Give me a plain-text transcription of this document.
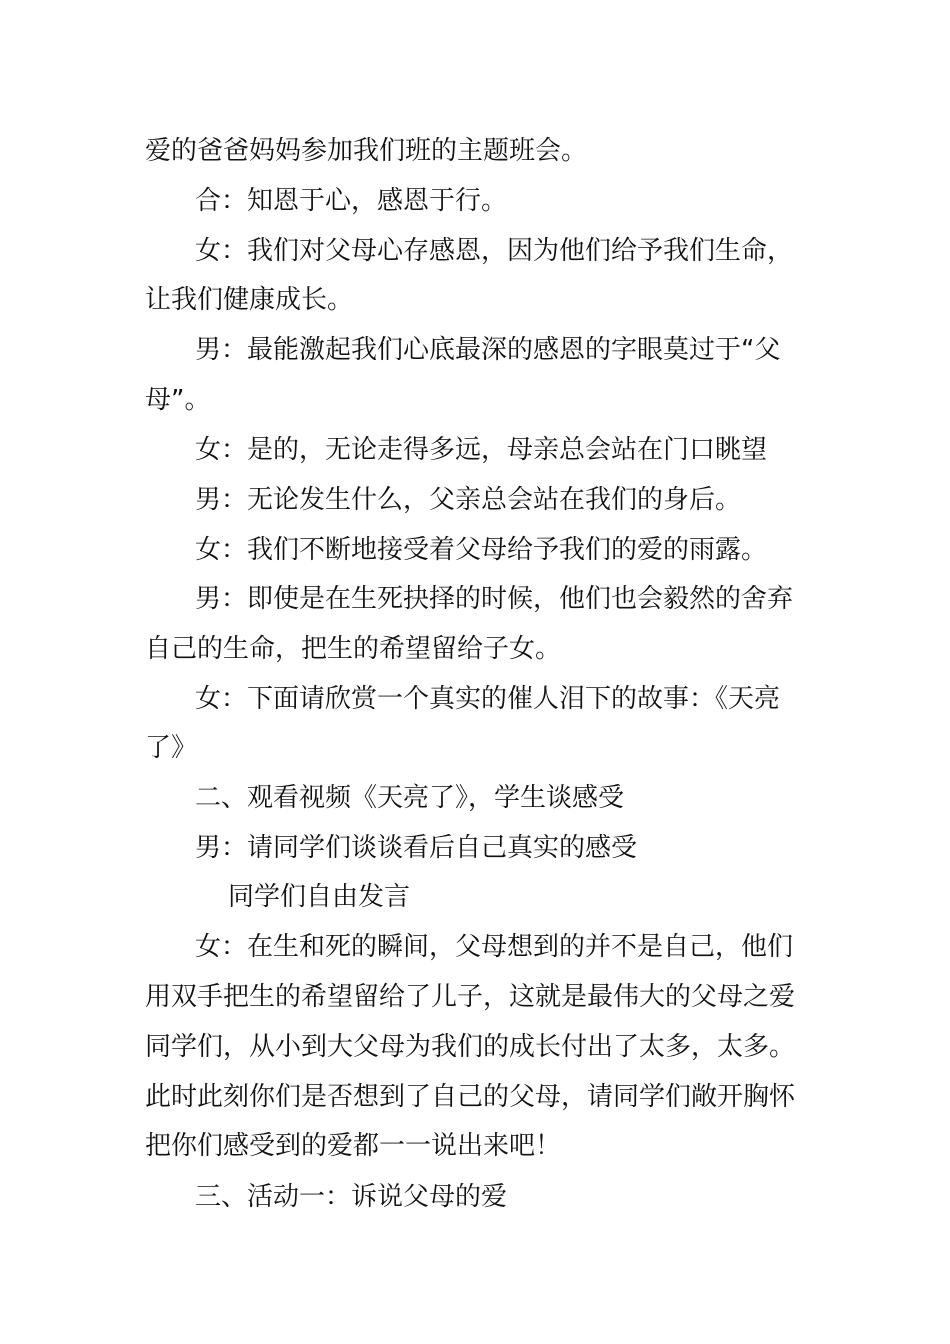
爱的爸爸妈妈参加我们班的主题班会。
合：知恩于心，感恩于行。
女：我们对父母心存感恩，因为他们给予我们生命，
让我们健康成长。
男：最能激起我们心底最深的感恩的字眼莫过于“父
母”。
女：是的，无论走得多远，母亲总会站在门口眺望
男：无论发生什么，父亲总会站在我们的身后。
女：我们不断地接受着父母给予我们的爱的雨露。
男：即使是在生死抉择的时候，他们也会毅然的舍弃
自己的生命，把生的希望留给子女。
女：下面请欣赏一个真实的催人泪下的故事：《天亮
了》
二、观看视频《天亮了》，学生谈感受
男：请同学们谈谈看后自己真实的感受
同学们自由发言
女：在生和死的瞬间，父母想到的并不是自己，他们
用双手把生的希望留给了儿子，这就是最伟大的父母之爱
同学们，从小到大父母为我们的成长付出了太多，太多。
此时此刻你们是否想到了自己的父母，请同学们敞开胸怀
把你们感受到的爱都一一说出来吧！
三、活动一：诉说父母的爱
